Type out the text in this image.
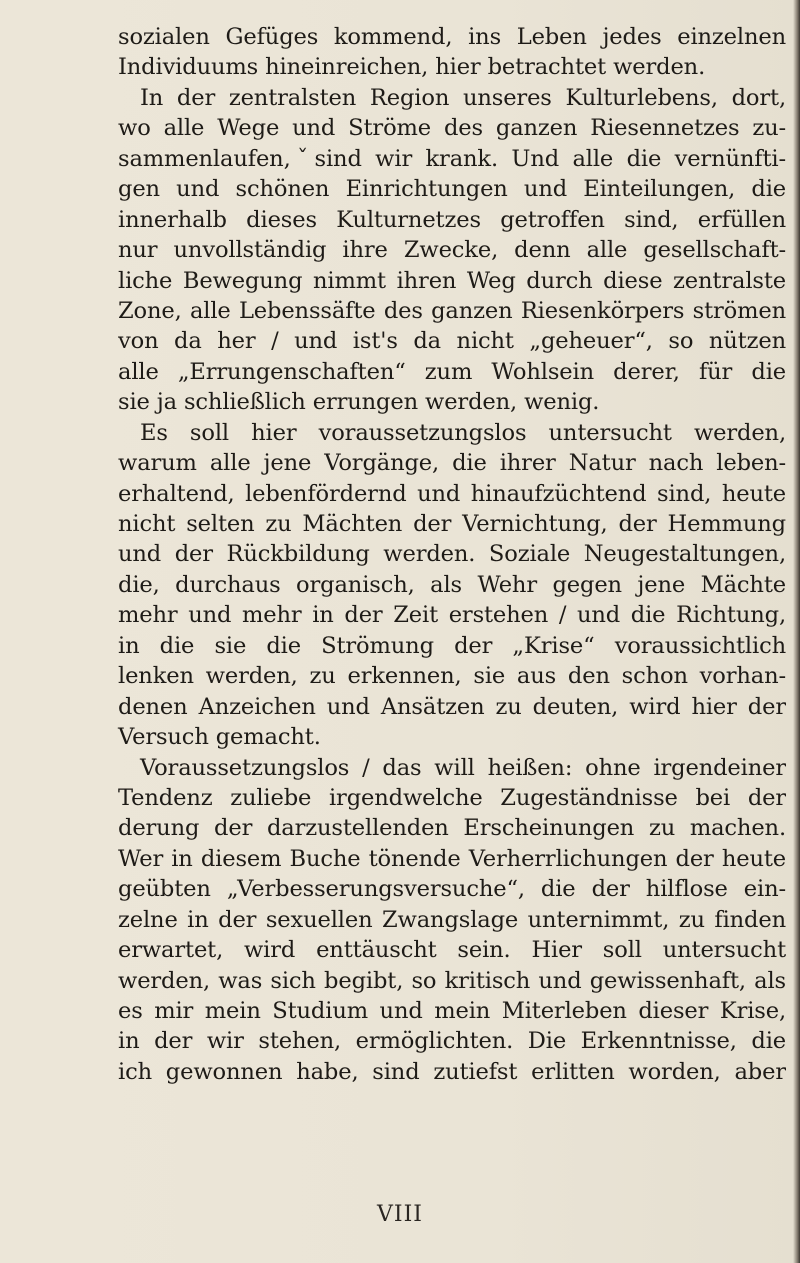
sozialen Gefüges kommend, ins Leben jedes einzelnen
Individuums hineinreichen, hier betrachtet werden.
In der zentralsten Region unseres Kulturlebens, dort,
wo alle Wege und Ströme des ganzen Riesennetzes zu-
sammenlaufen,ˇsind wir krank. Und alle die vernünfti-
gen und schönen Einrichtungen und Einteilungen, die
innerhalb dieses Kulturnetzes getroffen sind, erfüllen
nur unvollständig ihre Zwecke, denn alle gesellschaft-
liche Bewegung nimmt ihren Weg durch diese zentralste
Zone, alle Lebenssäfte des ganzen Riesenkörpers strömen
von da her / und ist's da nicht „geheuer“, so nützen
alle „Errungenschaften“ zum Wohlsein derer, für die
sie ja schließlich errungen werden, wenig.
Es soll hier voraussetzungslos untersucht werden,
warum alle jene Vorgänge, die ihrer Natur nach leben-
erhaltend, lebenfördernd und hinaufzüchtend sind, heute
nicht selten zu Mächten der Vernichtung, der Hemmung
und der Rückbildung werden. Soziale Neugestaltungen,
die, durchaus organisch, als Wehr gegen jene Mächte
mehr und mehr in der Zeit erstehen / und die Richtung,
in die sie die Strömung der „Krise“ voraussichtlich
lenken werden, zu erkennen, sie aus den schon vorhan-
denen Anzeichen und Ansätzen zu deuten, wird hier der
Versuch gemacht.
Voraussetzungslos / das will heißen: ohne irgendeiner
Tendenz zuliebe irgendwelche Zugeständnisse bei der
derung der darzustellenden Erscheinungen zu machen.
Wer in diesem Buche tönende Verherrlichungen der heute
geübten „Verbesserungsversuche“, die der hilflose ein-
zelne in der sexuellen Zwangslage unternimmt, zu finden
erwartet, wird enttäuscht sein. Hier soll untersucht
werden, was sich begibt, so kritisch und gewissenhaft, als
es mir mein Studium und mein Miterleben dieser Krise,
in der wir stehen, ermöglichten. Die Erkenntnisse, die
ich gewonnen habe, sind zutiefst erlitten worden, aber
VIII
